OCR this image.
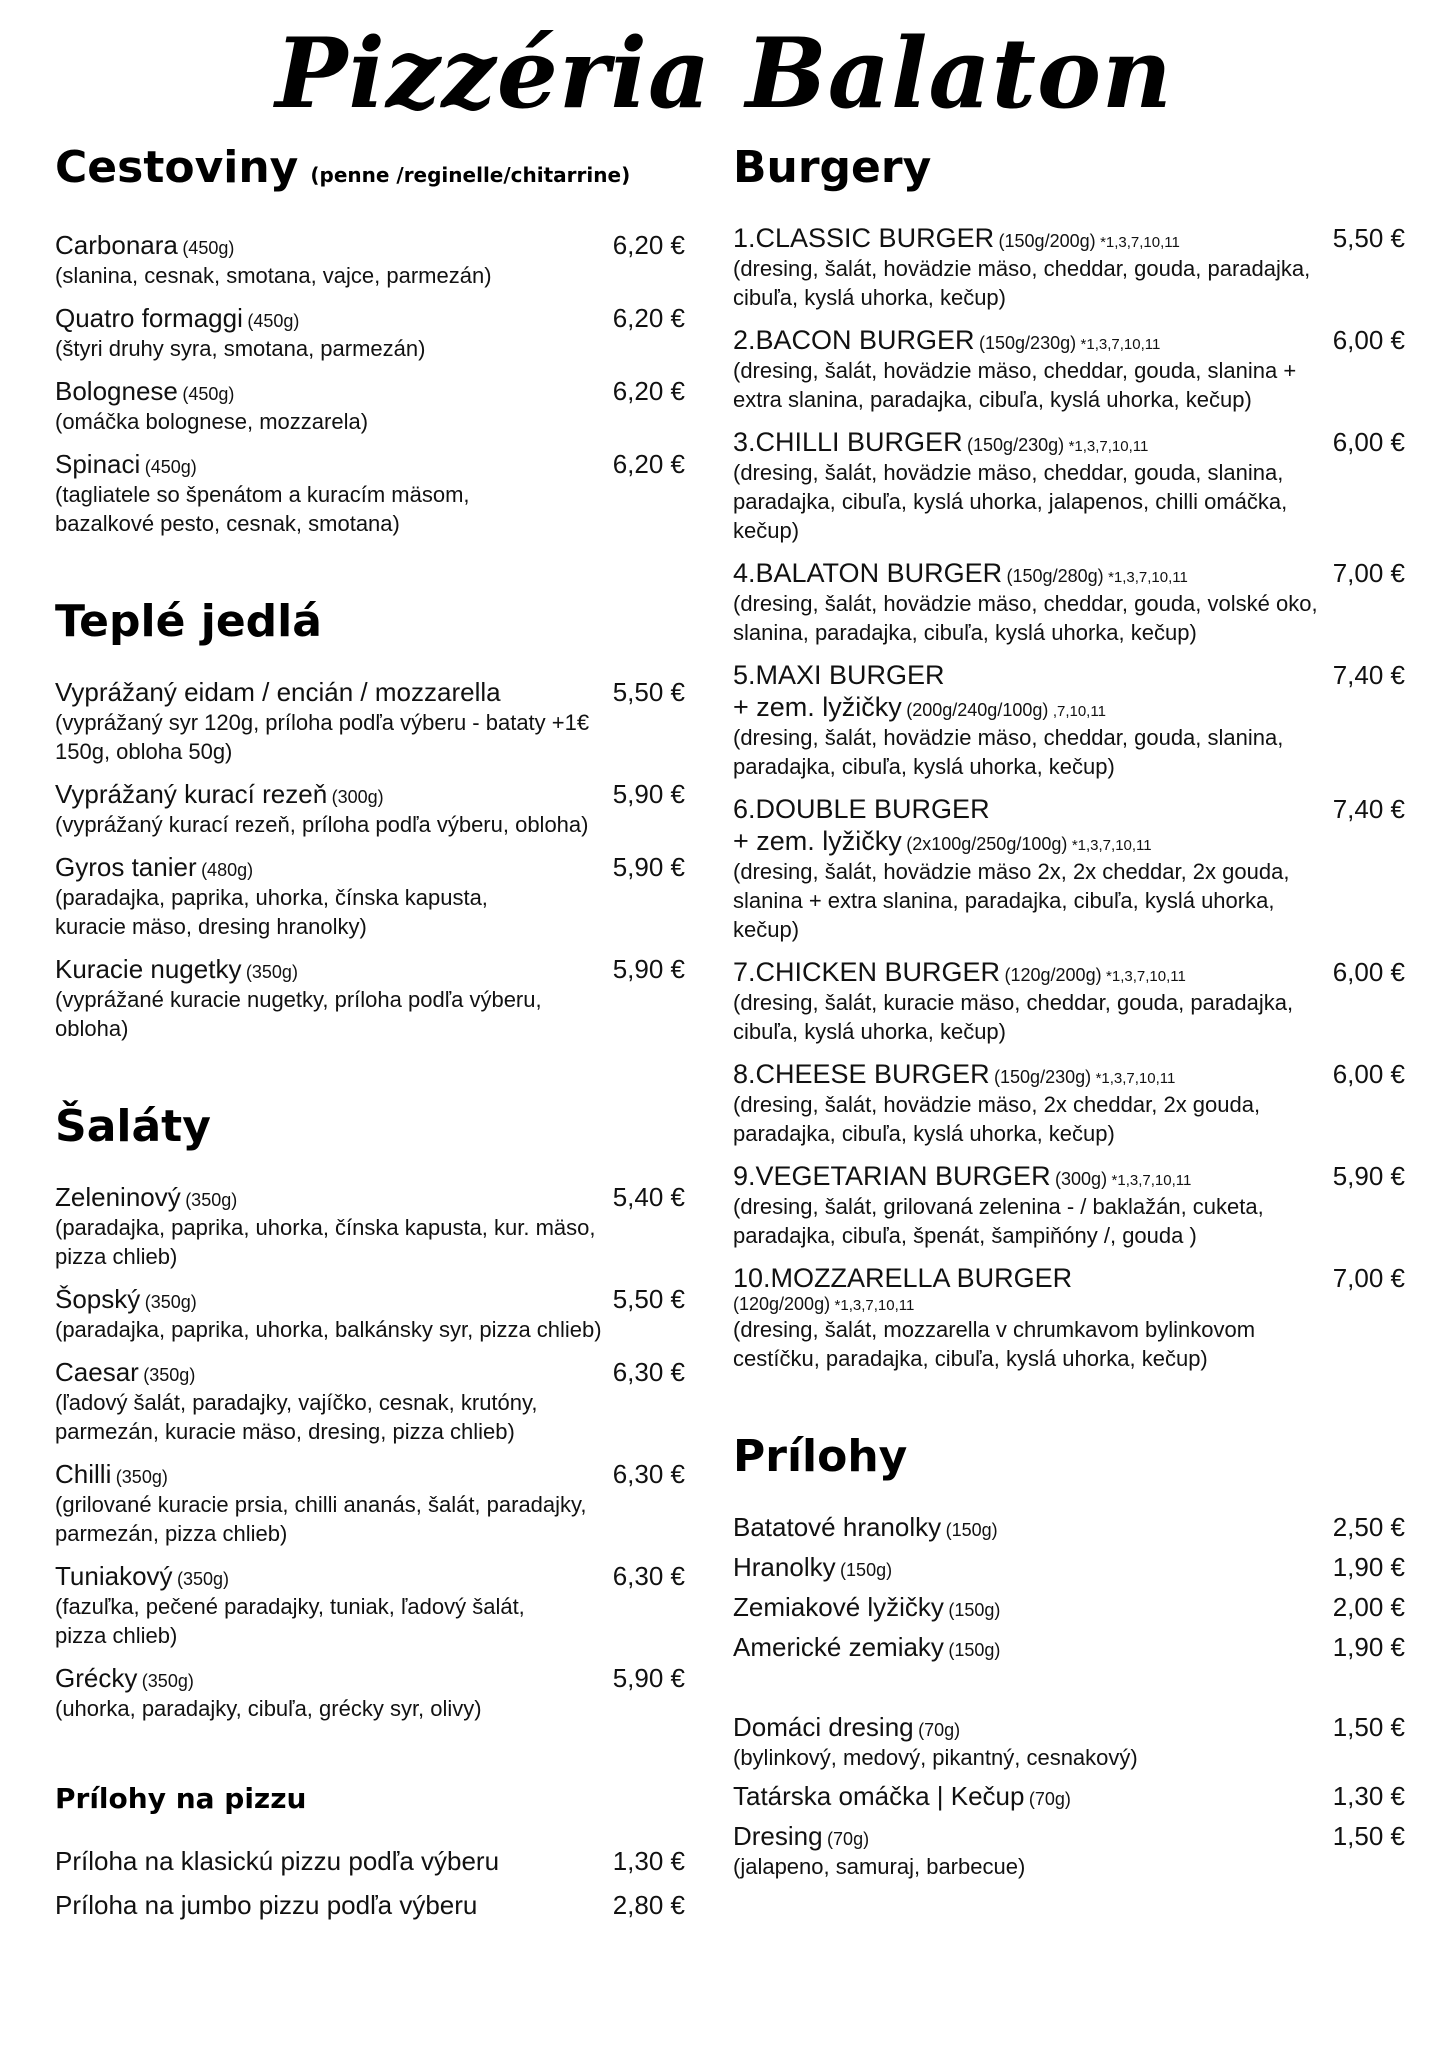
Pizzéria Balaton
Cestoviny (penne /reginelle/chitarrine)
Carbonara (450g)	6,20 €
(slanina, cesnak, smotana, vajce, parmezán)
Quatro formaggi (450g)	6,20 €
(štyri druhy syra, smotana, parmezán)
Bolognese (450g)	6,20 €
(omáčka bolognese, mozzarela)
Spinaci (450g)	6,20 €
(tagliatele so špenátom a kuracím mäsom,
bazalkové pesto, cesnak, smotana)
Teplé jedlá
Vyprážaný eidam / encián / mozzarella	5,50 €
(vyprážaný syr 120g, príloha podľa výberu - bataty +1€
150g, obloha 50g)
Vyprážaný kurací rezeň (300g)	5,90 €
(vyprážaný kurací rezeň, príloha podľa výberu, obloha)
Gyros tanier (480g)	5,90 €
(paradajka, paprika, uhorka, čínska kapusta,
kuracie mäso, dresing hranolky)
Kuracie nugetky (350g)	5,90 €
(vyprážané kuracie nugetky, príloha podľa výberu,
obloha)
Šaláty
Zeleninový (350g)	5,40 €
(paradajka, paprika, uhorka, čínska kapusta, kur. mäso,
pizza chlieb)
Šopský (350g)	5,50 €
(paradajka, paprika, uhorka, balkánsky syr, pizza chlieb)
Caesar (350g)	6,30 €
(ľadový šalát, paradajky, vajíčko, cesnak, krutóny,
parmezán, kuracie mäso, dresing, pizza chlieb)
Chilli (350g)	6,30 €
(grilované kuracie prsia, chilli ananás, šalát, paradajky,
parmezán, pizza chlieb)
Tuniakový (350g)	6,30 €
(fazuľka, pečené paradajky, tuniak, ľadový šalát,
pizza chlieb)
Grécky (350g)	5,90 €
(uhorka, paradajky, cibuľa, grécky syr, olivy)
Prílohy na pizzu
Príloha na klasickú pizzu podľa výberu	1,30 €
Príloha na jumbo pizzu podľa výberu	2,80 €
Burgery
1.CLASSIC BURGER (150g/200g) *1,3,7,10,11	5,50 €
(dresing, šalát, hovädzie mäso, cheddar, gouda, paradajka,
cibuľa, kyslá uhorka, kečup)
2.BACON BURGER (150g/230g) *1,3,7,10,11	6,00 €
(dresing, šalát, hovädzie mäso, cheddar, gouda, slanina +
extra slanina, paradajka, cibuľa, kyslá uhorka, kečup)
3.CHILLI BURGER (150g/230g) *1,3,7,10,11	6,00 €
(dresing, šalát, hovädzie mäso, cheddar, gouda, slanina,
paradajka, cibuľa, kyslá uhorka, jalapenos, chilli omáčka,
kečup)
4.BALATON BURGER (150g/280g) *1,3,7,10,11	7,00 €
(dresing, šalát, hovädzie mäso, cheddar, gouda, volské oko,
slanina, paradajka, cibuľa, kyslá uhorka, kečup)
5.MAXI BURGER	7,40 €
+ zem. lyžičky (200g/240g/100g) ,7,10,11
(dresing, šalát, hovädzie mäso, cheddar, gouda, slanina,
paradajka, cibuľa, kyslá uhorka, kečup)
6.DOUBLE BURGER	7,40 €
+ zem. lyžičky (2x100g/250g/100g) *1,3,7,10,11
(dresing, šalát, hovädzie mäso 2x, 2x cheddar, 2x gouda,
slanina + extra slanina, paradajka, cibuľa, kyslá uhorka,
kečup)
7.CHICKEN BURGER (120g/200g) *1,3,7,10,11	6,00 €
(dresing, šalát, kuracie mäso, cheddar, gouda, paradajka,
cibuľa, kyslá uhorka, kečup)
8.CHEESE BURGER (150g/230g) *1,3,7,10,11	6,00 €
(dresing, šalát, hovädzie mäso, 2x cheddar, 2x gouda,
paradajka, cibuľa, kyslá uhorka, kečup)
9.VEGETARIAN BURGER (300g) *1,3,7,10,11	5,90 €
(dresing, šalát, grilovaná zelenina - / baklažán, cuketa,
paradajka, cibuľa, špenát, šampiňóny /, gouda )
10.MOZZARELLA BURGER	7,00 €
(120g/200g) *1,3,7,10,11
(dresing, šalát, mozzarella v chrumkavom bylinkovom
cestíčku, paradajka, cibuľa, kyslá uhorka, kečup)
Prílohy
Batatové hranolky (150g)	2,50 €
Hranolky (150g)	1,90 €
Zemiakové lyžičky (150g)	2,00 €
Americké zemiaky (150g)	1,90 €
Domáci dresing (70g)	1,50 €
(bylinkový, medový, pikantný, cesnakový)
Tatárska omáčka | Kečup (70g)	1,30 €
Dresing (70g)	1,50 €
(jalapeno, samuraj, barbecue)
